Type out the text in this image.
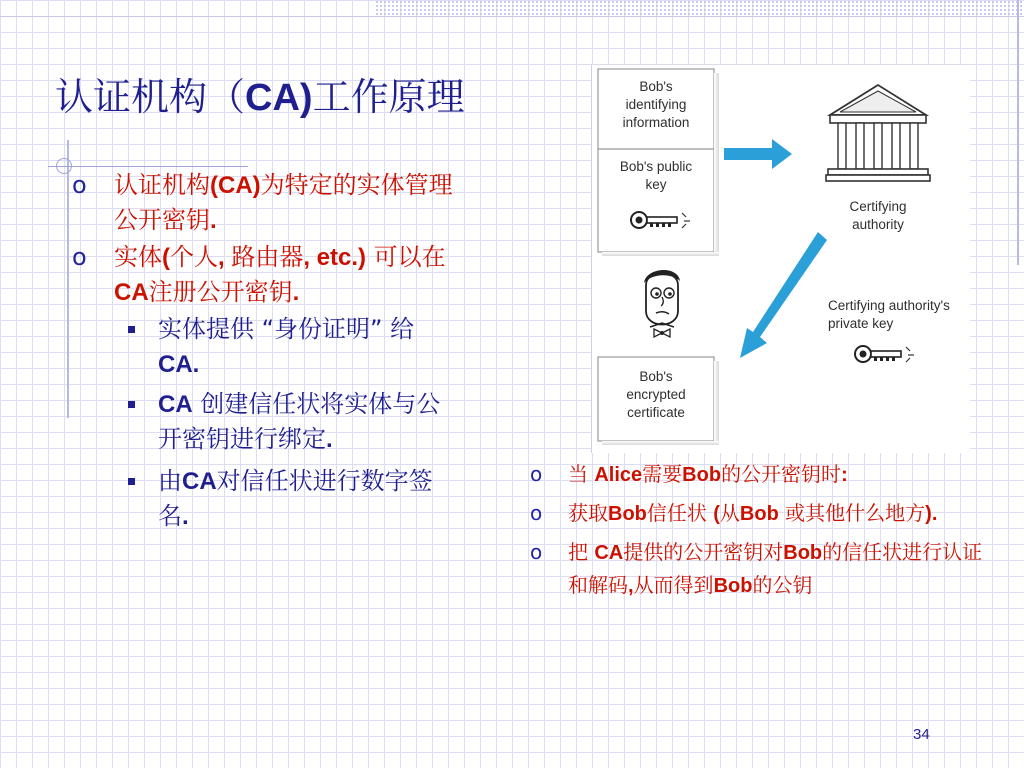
认证机构（CA)工作原理
o	认证机构(CA)为特定的实体管理公开密钥.
o	实体(个人, 路由器, etc.) 可以在CA注册公开密钥.
实体提供 “身份证明” 给 CA.
CA 创建信任状将实体与公开密钥进行绑定.
由CA对信任状进行数字签名.
Bob's
identifying
information
Bob's public
key
Certifying
authority
Certifying authority's
private key
Bob's
encrypted
certificate
o	当 Alice需要Bob的公开密钥时:
o	获取Bob信任状 (从Bob 或其他什么地方).
o	把 CA提供的公开密钥对Bob的信任状进行认证和解码,从而得到Bob的公钥
34
